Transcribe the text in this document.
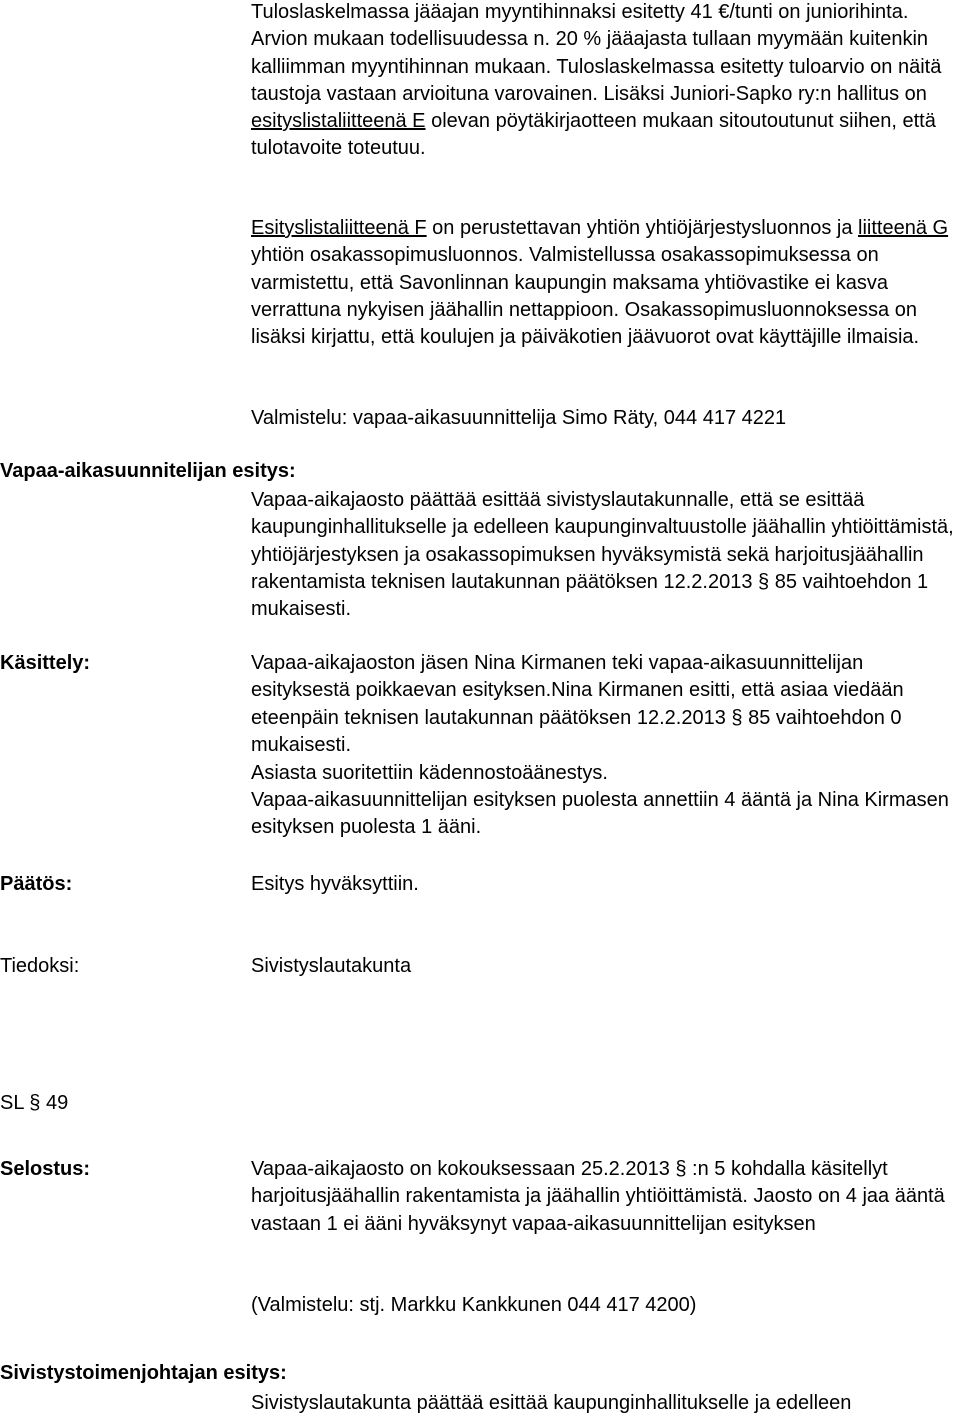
Tuloslaskelmassa jääajan myyntihinnaksi esitetty 41 €/tunti on juniorihinta. Arvion mukaan todellisuudessa n. 20 % jääajasta tullaan myymään kuitenkin kalliimman myyntihinnan mukaan. Tuloslaskelmassa esitetty tuloarvio on näitä taustoja vastaan arvioituna varovainen. Lisäksi Juniori-Sapko ry:n hallitus on esityslistaliitteenä E olevan pöytäkirjaotteen mukaan sitoutoutunut siihen, että tulotavoite toteutuu.
Esityslistaliitteenä F on perustettavan yhtiön yhtiöjärjestysluonnos ja liitteenä G yhtiön osakassopimusluonnos. Valmistellussa osakassopimuksessa on varmistettu, että Savonlinnan kaupungin maksama yhtiövastike ei kasva verrattuna nykyisen jäähallin nettappioon. Osakassopimusluonnoksessa on lisäksi kirjattu, että koulujen ja päiväkotien jäävuorot ovat käyttäjille ilmaisia.
Valmistelu: vapaa-aikasuunnittelija Simo Räty, 044 417 4221
Vapaa-aikasuunnitelijan esitys:
Vapaa-aikajaosto päättää esittää sivistyslautakunnalle, että se esittää kaupunginhallitukselle ja edelleen kaupunginvaltuustolle jäähallin yhtiöittämistä, yhtiöjärjestyksen ja osakassopimuksen hyväksymistä sekä harjoitusjäähallin rakentamista teknisen lautakunnan päätöksen 12.2.2013 § 85 vaihtoehdon 1 mukaisesti.
Käsittely:	Vapaa-aikajaoston jäsen Nina Kirmanen teki vapaa-aikasuunnittelijan esityksestä poikkaevan esityksen.Nina Kirmanen esitti, että asiaa viedään eteenpäin teknisen lautakunnan päätöksen 12.2.2013 § 85 vaihtoehdon 0 mukaisesti.
Asiasta suoritettiin kädennostoäänestys.
Vapaa-aikasuunnittelijan esityksen puolesta annettiin 4 ääntä ja Nina Kirmasen esityksen puolesta 1 ääni.
Päätös:	Esitys hyväksyttiin.
Tiedoksi:	Sivistyslautakunta
SL § 49
Selostus:	Vapaa-aikajaosto on kokouksessaan 25.2.2013 § :n 5 kohdalla käsitellyt harjoitusjäähallin rakentamista ja jäähallin yhtiöittämistä. Jaosto on 4 jaa ääntä vastaan 1 ei ääni hyväksynyt vapaa-aikasuunnittelijan esityksen
(Valmistelu: stj. Markku Kankkunen 044 417 4200)
Sivistystoimenjohtajan esitys:
Sivistyslautakunta päättää esittää kaupunginhallitukselle ja edelleen
